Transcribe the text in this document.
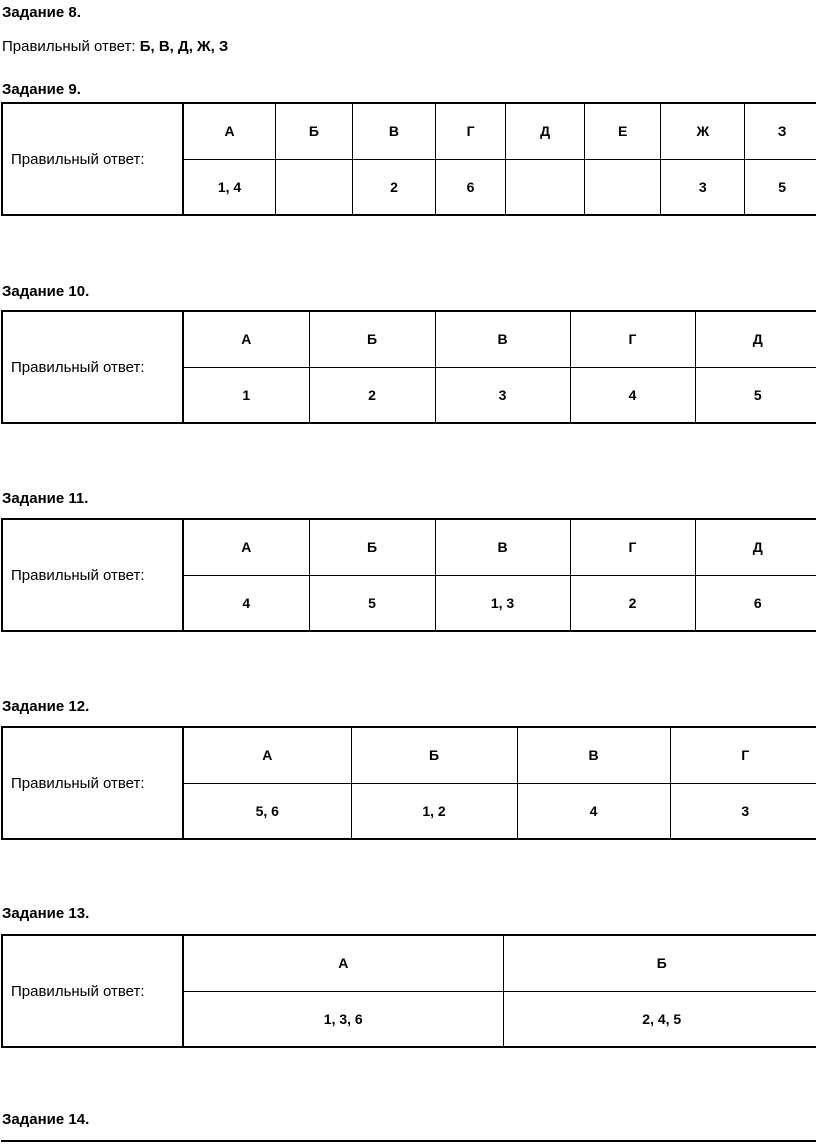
Задание 8.
Правильный ответ: Б, В, Д, Ж, З
Задание 9.
Правильный ответ:	А	Б	В	Г	Д	Е	Ж	З
	1, 4		2	6			3	5
Задание 10.
Правильный ответ:	А	Б	В	Г	Д
	1	2	3	4	5
Задание 11.
Правильный ответ:	А	Б	В	Г	Д
	4	5	1, 3	2	6
Задание 12.
Правильный ответ:	А	Б	В	Г
	5, 6	1, 2	4	3
Задание 13.
Правильный ответ:	А	Б
	1, 3, 6	2, 4, 5
Задание 14.
